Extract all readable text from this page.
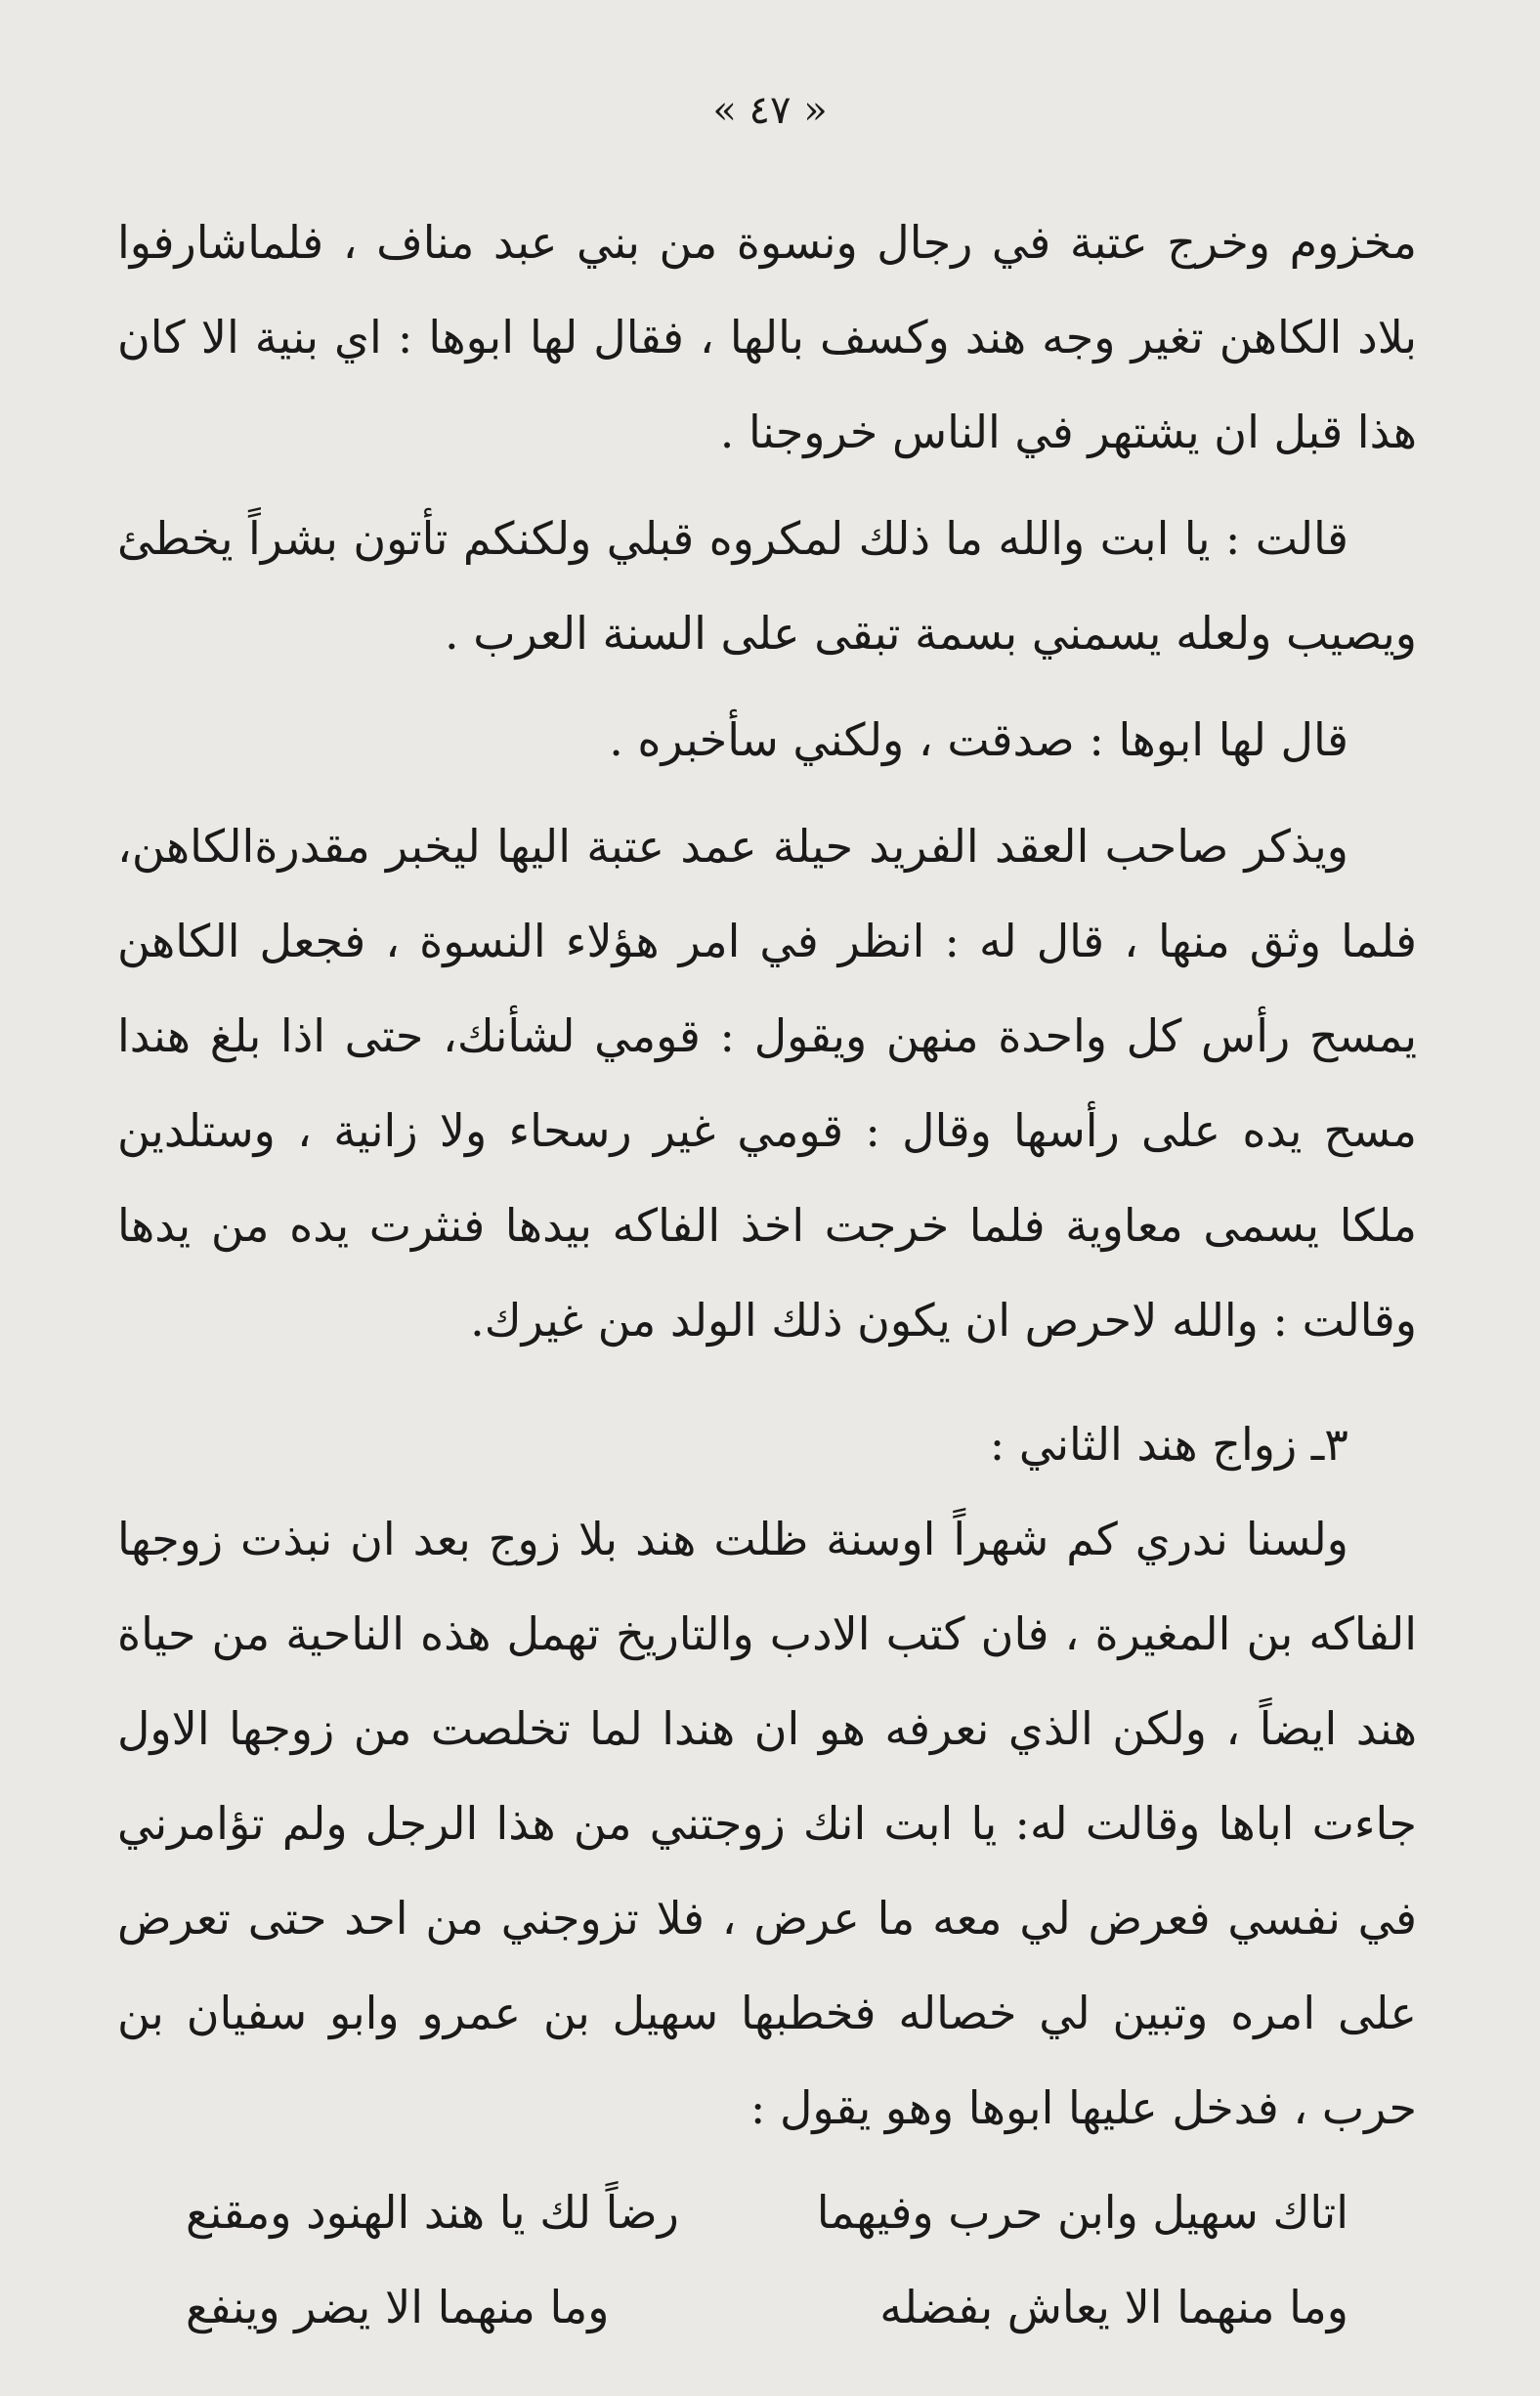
« ٤٧ »

مخزوم وخرج عتبة في رجال ونسوة من بني عبد مناف ، فلماشارفوا بلاد الكاهن تغير وجه هند وكسف بالها ، فقال لها ابوها : اي بنية الا كان هذا قبل ان يشتهر في الناس خروجنا .

قالت : يا ابت والله ما ذلك لمكروه قبلي ولكنكم تأتون بشراً يخطئ ويصيب ولعله يسمني بسمة تبقى على السنة العرب .

قال لها ابوها : صدقت ، ولكني سأخبره .

ويذكر صاحب العقد الفريد حيلة عمد عتبة اليها ليخبر مقدرةالكاهن، فلما وثق منها ، قال له : انظر في امر هؤلاء النسوة ، فجعل الكاهن يمسح رأس كل واحدة منهن ويقول : قومي لشأنك، حتى اذا بلغ هندا مسح يده على رأسها وقال : قومي غير رسحاء ولا زانية ، وستلدين ملكا يسمى معاوية فلما خرجت اخذ الفاكه بيدها فنثرت يده من يدها وقالت : والله لاحرص ان يكون ذلك الولد من غيرك.

٣ـ زواج هند الثاني :

ولسنا ندري كم شهراً اوسنة ظلت هند بلا زوج بعد ان نبذت زوجها الفاكه بن المغيرة ، فان كتب الادب والتاريخ تهمل هذه الناحية من حياة هند ايضاً ، ولكن الذي نعرفه هو ان هندا لما تخلصت من زوجها الاول جاءت اباها وقالت له: يا ابت انك زوجتني من هذا الرجل ولم تؤامرني في نفسي فعرض لي معه ما عرض ، فلا تزوجني من احد حتى تعرض على امره وتبين لي خصاله فخطبها سهيل بن عمرو وابو سفيان بن حرب ، فدخل عليها ابوها وهو يقول :

اتاك سهيل وابن حرب وفيهما
رضاً لك يا هند الهنود ومقنع
وما منهما الا يعاش بفضله
وما منهما الا يضر وينفع
